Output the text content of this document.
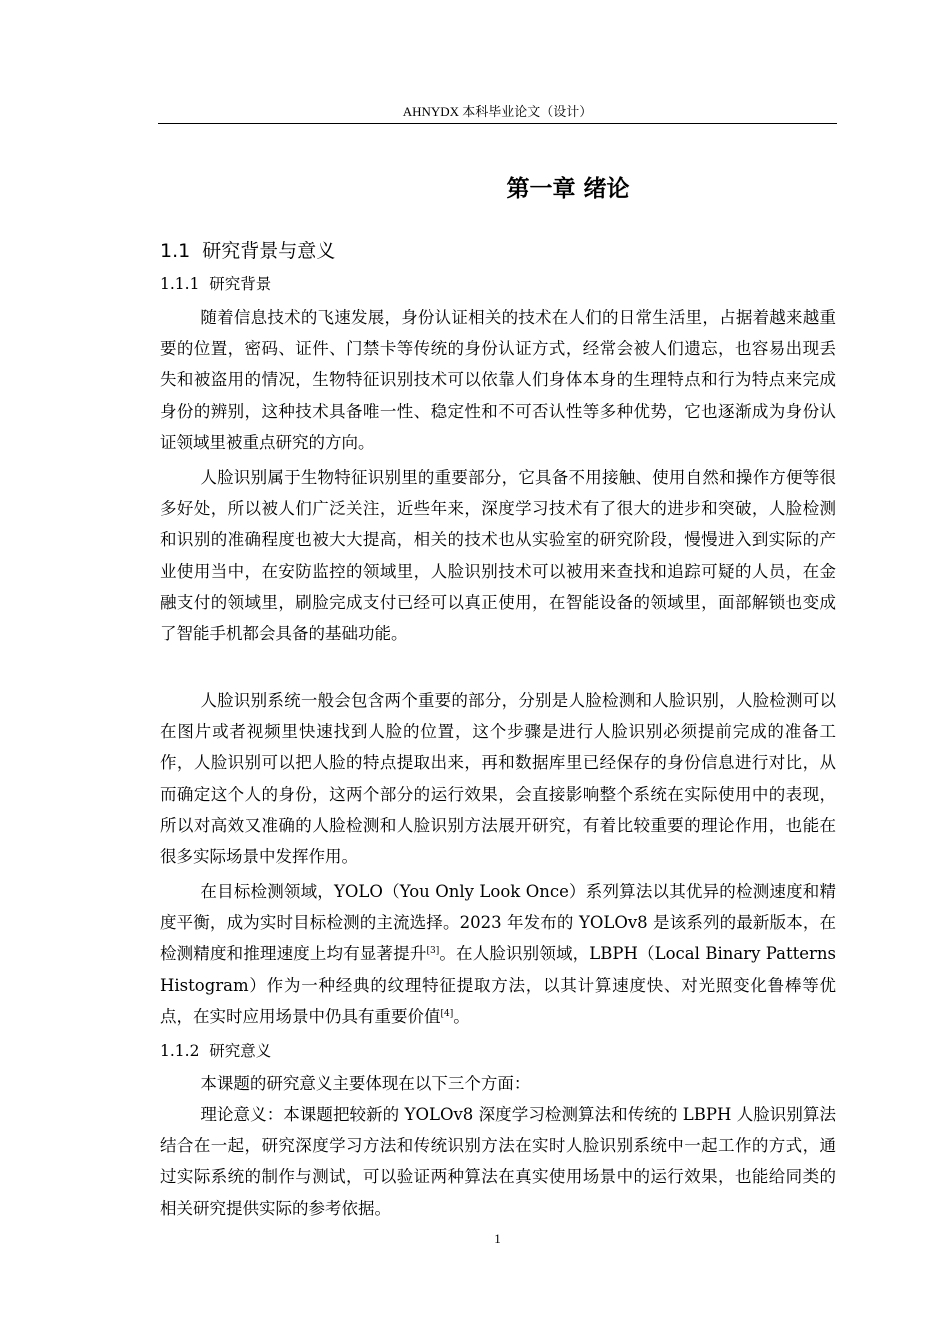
AHNYDX 本科毕业论文（设计）
第一章 绪论
1.1  研究背景与意义
1.1.1  研究背景

随着信息技术的飞速发展，身份认证相关的技术在人们的日常生活里，占据着越来越重要的位置，密码、证件、门禁卡等传统的身份认证方式，经常会被人们遗忘，也容易出现丢失和被盗用的情况，生物特征识别技术可以依靠人们身体本身的生理特点和行为特点来完成身份的辨别，这种技术具备唯一性、稳定性和不可否认性等多种优势，它也逐渐成为身份认证领域里被重点研究的方向。

人脸识别属于生物特征识别里的重要部分，它具备不用接触、使用自然和操作方便等很多好处，所以被人们广泛关注，近些年来，深度学习技术有了很大的进步和突破，人脸检测和识别的准确程度也被大大提高，相关的技术也从实验室的研究阶段，慢慢进入到实际的产业使用当中，在安防监控的领域里，人脸识别技术可以被用来查找和追踪可疑的人员，在金融支付的领域里，刷脸完成支付已经可以真正使用，在智能设备的领域里，面部解锁也变成了智能手机都会具备的基础功能。

人脸识别系统一般会包含两个重要的部分，分别是人脸检测和人脸识别，人脸检测可以在图片或者视频里快速找到人脸的位置，这个步骤是进行人脸识别必须提前完成的准备工作，人脸识别可以把人脸的特点提取出来，再和数据库里已经保存的身份信息进行对比，从而确定这个人的身份，这两个部分的运行效果，会直接影响整个系统在实际使用中的表现，所以对高效又准确的人脸检测和人脸识别方法展开研究，有着比较重要的理论作用，也能在很多实际场景中发挥作用。

在目标检测领域，YOLO（You Only Look Once）系列算法以其优异的检测速度和精度平衡，成为实时目标检测的主流选择。2023 年发布的 YOLOv8 是该系列的最新版本，在检测精度和推理速度上均有显著提升[3]。在人脸识别领域，LBPH（Local Binary Patterns Histogram）作为一种经典的纹理特征提取方法，以其计算速度快、对光照变化鲁棒等优点，在实时应用场景中仍具有重要价值[4]。

1.1.2  研究意义

本课题的研究意义主要体现在以下三个方面：

理论意义：本课题把较新的 YOLOv8 深度学习检测算法和传统的 LBPH 人脸识别算法结合在一起，研究深度学习方法和传统识别方法在实时人脸识别系统中一起工作的方式，通过实际系统的制作与测试，可以验证两种算法在真实使用场景中的运行效果，也能给同类的相关研究提供实际的参考依据。

1
